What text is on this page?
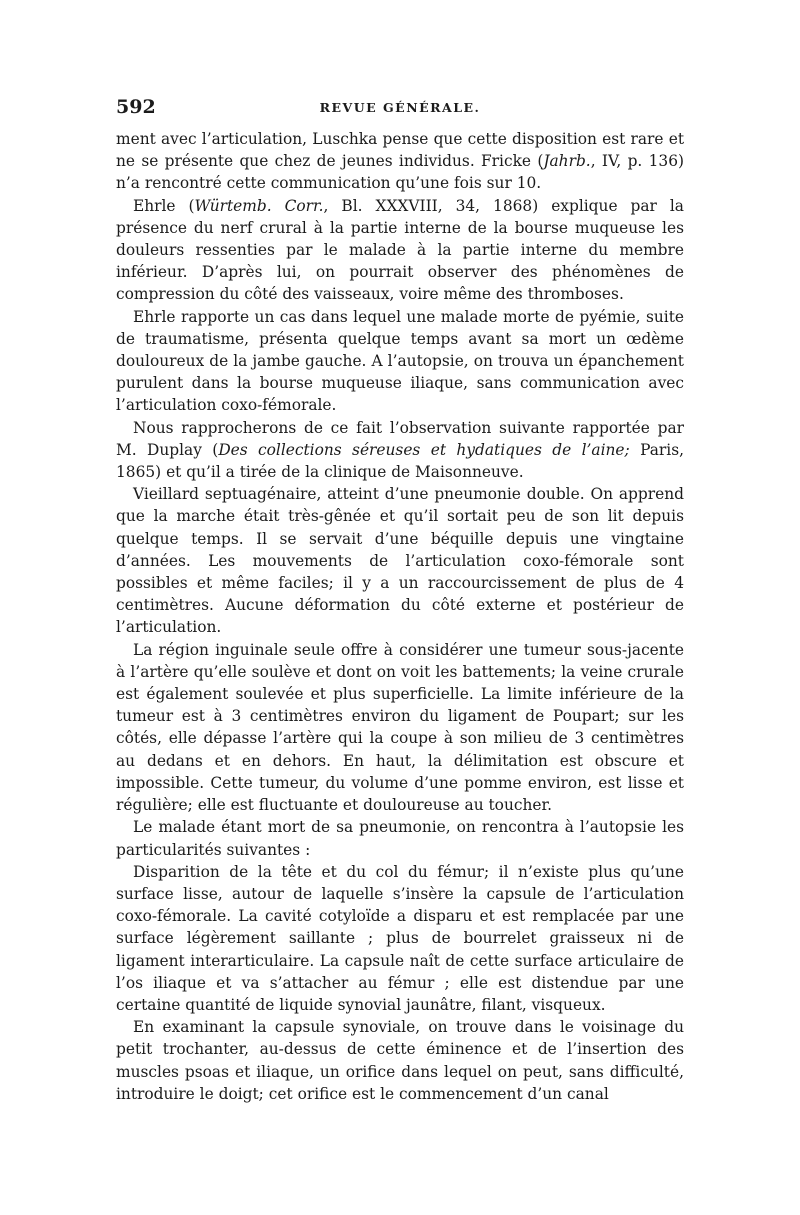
592	REVUE GÉNÉRALE.

ment avec l’articulation, Luschka pense que cette disposition est rare et ne se présente que chez de jeunes individus. Fricke (Jahrb., IV, p. 136) n’a rencontré cette communication qu’une fois sur 10.

Ehrle (Würtemb. Corr., Bl. XXXVIII, 34, 1868) explique par la présence du nerf crural à la partie interne de la bourse muqueuse les douleurs ressenties par le malade à la partie interne du membre inférieur. D’après lui, on pourrait observer des phénomènes de compression du côté des vaisseaux, voire même des thromboses.

Ehrle rapporte un cas dans lequel une malade morte de pyémie, suite de traumatisme, présenta quelque temps avant sa mort un œdème douloureux de la jambe gauche. A l’autopsie, on trouva un épanchement purulent dans la bourse muqueuse iliaque, sans communication avec l’articulation coxo-fémorale.

Nous rapprocherons de ce fait l’observation suivante rapportée par M. Duplay (Des collections séreuses et hydatiques de l’aine; Paris, 1865) et qu’il a tirée de la clinique de Maisonneuve.

Vieillard septuagénaire, atteint d’une pneumonie double. On apprend que la marche était très-gênée et qu’il sortait peu de son lit depuis quelque temps. Il se servait d’une béquille depuis une vingtaine d’années. Les mouvements de l’articulation coxo-fémorale sont possibles et même faciles; il y a un raccourcissement de plus de 4 centimètres. Aucune déformation du côté externe et postérieur de l’articulation.

La région inguinale seule offre à considérer une tumeur sous-jacente à l’artère qu’elle soulève et dont on voit les battements; la veine crurale est également soulevée et plus superficielle. La limite inférieure de la tumeur est à 3 centimètres environ du ligament de Poupart; sur les côtés, elle dépasse l’artère qui la coupe à son milieu de 3 centimètres au dedans et en dehors. En haut, la délimitation est obscure et impossible. Cette tumeur, du volume d’une pomme environ, est lisse et régulière; elle est fluctuante et douloureuse au toucher.

Le malade étant mort de sa pneumonie, on rencontra à l’autopsie les particularités suivantes :

Disparition de la tête et du col du fémur; il n’existe plus qu’une surface lisse, autour de laquelle s’insère la capsule de l’articulation coxo-fémorale. La cavité cotyloïde a disparu et est remplacée par une surface légèrement saillante ; plus de bourrelet graisseux ni de ligament interarticulaire. La capsule naît de cette surface articulaire de l’os iliaque et va s’attacher au fémur ; elle est distendue par une certaine quantité de liquide synovial jaunâtre, filant, visqueux.

En examinant la capsule synoviale, on trouve dans le voisinage du petit trochanter, au-dessus de cette éminence et de l’insertion des muscles psoas et iliaque, un orifice dans lequel on peut, sans difficulté, introduire le doigt; cet orifice est le commencement d’un canal
